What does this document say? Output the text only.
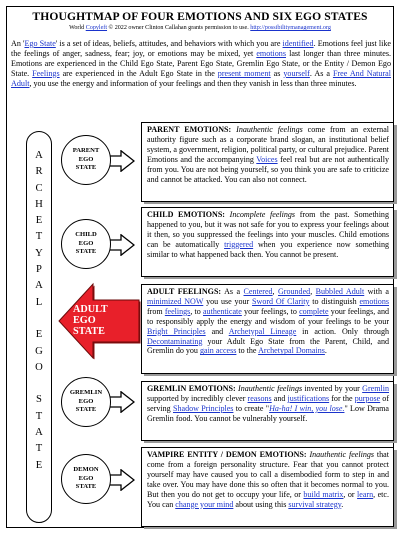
THOUGHTMAP OF FOUR EMOTIONS AND SIX EGO STATES
World Copyleft © 2022 owner Clinton Callahan grants permission to use. http://possibilitymanagement.org
An 'Ego State' is a set of ideas, beliefs, attitudes, and behaviors with which you are identified. Emotions feel just like the feelings of anger, sadness, fear; joy, or emotions may be mixed, yet emotions last longer than three minutes. Emotions are experienced in the Child Ego State, Parent Ego State, Gremlin Ego State, or the Entity / Demon Ego State. Feelings are experienced in the Adult Ego State in the present moment as yourself. As a Free And Natural Adult, you use the energy and information of your feelings and then they vanish in less than three minutes.
A
R
C
H
E
T
Y
P
A
L

E
G
O

S
T
A
T
E
PARENT
EGO
STATE
CHILD
EGO
STATE
GREMLIN
EGO
STATE
DEMON
EGO
STATE
ADULT
EGO
STATE
PARENT EMOTIONS: Inauthentic feelings come from an external authority figure such as a corporate brand slogan, an institutional belief system, a government, religion, political party, or cultural prejudice. Parent Emotions and the accompanying Voices feel real but are not authentically from you. You are not being yourself, so you think you are safe to criticize and cannot be attacked. You can also not connect.
CHILD EMOTIONS: Incomplete feelings from the past. Something happened to you, but it was not safe for you to express your feelings about it then, so you suppressed the feelings into your muscles. Child emotions can be automatically triggered when you experience now something similar to what happened back then. You cannot be present.
ADULT FEELINGS: As a Centered, Grounded, Bubbled Adult with a minimized NOW you use your Sword Of Clarity to distinguish emotions from feelings, to authenticate your feelings, to complete your feelings, and to responsibly apply the energy and wisdom of your feelings to be your Bright Principles and Archetypal Lineage in action. Only through Decontaminating your Adult Ego State from the Parent, Child, and Gremlin do you gain access to the Archetypal Domains.
GREMLIN EMOTIONS: Inauthentic feelings invented by your Gremlin supported by incredibly clever reasons and justifications for the purpose of serving Shadow Principles to create "Ha-ha! I win, you lose." Low Drama Gremlin food. You cannot be vulnerably yourself.
VAMPIRE ENTITY / DEMON EMOTIONS: Inauthentic feelings that come from a foreign personality structure. Fear that you cannot protect yourself may have caused you to call a disembodied form to step in and take over. You may have done this so often that it becomes normal to you. But then you do not get to occupy your life, or build matrix, or learn, etc. You can change your mind about using this survival strategy.
